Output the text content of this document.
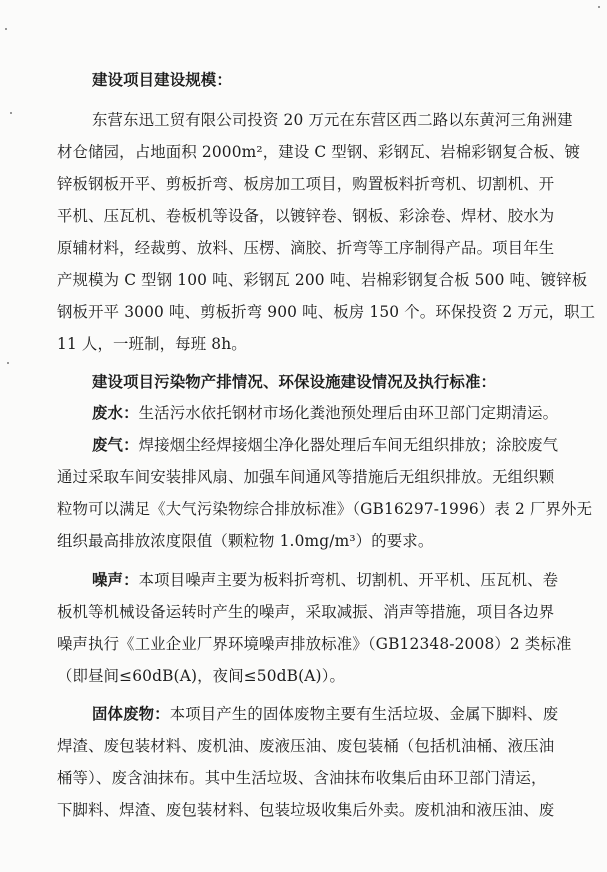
建设项目建设规模：
东营东迅工贸有限公司投资 20 万元在东营区西二路以东黄河三角洲建
材仓储园，占地面积 2000m²，建设 C 型钢、彩钢瓦、岩棉彩钢复合板、镀
锌板钢板开平、剪板折弯、板房加工项目，购置板料折弯机、切割机、开
平机、压瓦机、卷板机等设备，以镀锌卷、钢板、彩涂卷、焊材、胶水为
原辅材料，经裁剪、放料、压楞、滴胶、折弯等工序制得产品。项目年生
产规模为 C 型钢 100 吨、彩钢瓦 200 吨、岩棉彩钢复合板 500 吨、镀锌板
钢板开平 3000 吨、剪板折弯 900 吨、板房 150 个。环保投资 2 万元，职工
11 人，一班制，每班 8h。
建设项目污染物产排情况、环保设施建设情况及执行标准：
废水：生活污水依托钢材市场化粪池预处理后由环卫部门定期清运。
废气：焊接烟尘经焊接烟尘净化器处理后车间无组织排放；涂胶废气
通过采取车间安装排风扇、加强车间通风等措施后无组织排放。无组织颗
粒物可以满足《大气污染物综合排放标准》（GB16297-1996）表 2 厂界外无
组织最高排放浓度限值（颗粒物 1.0mg/m³）的要求。
噪声：本项目噪声主要为板料折弯机、切割机、开平机、压瓦机、卷
板机等机械设备运转时产生的噪声，采取减振、消声等措施，项目各边界
噪声执行《工业企业厂界环境噪声排放标准》（GB12348-2008）2 类标准
（即昼间≤60dB(A)，夜间≤50dB(A)）。
固体废物：本项目产生的固体废物主要有生活垃圾、金属下脚料、废
焊渣、废包装材料、废机油、废液压油、废包装桶（包括机油桶、液压油
桶等）、废含油抹布。其中生活垃圾、含油抹布收集后由环卫部门清运，
下脚料、焊渣、废包装材料、包装垃圾收集后外卖。废机油和液压油、废
